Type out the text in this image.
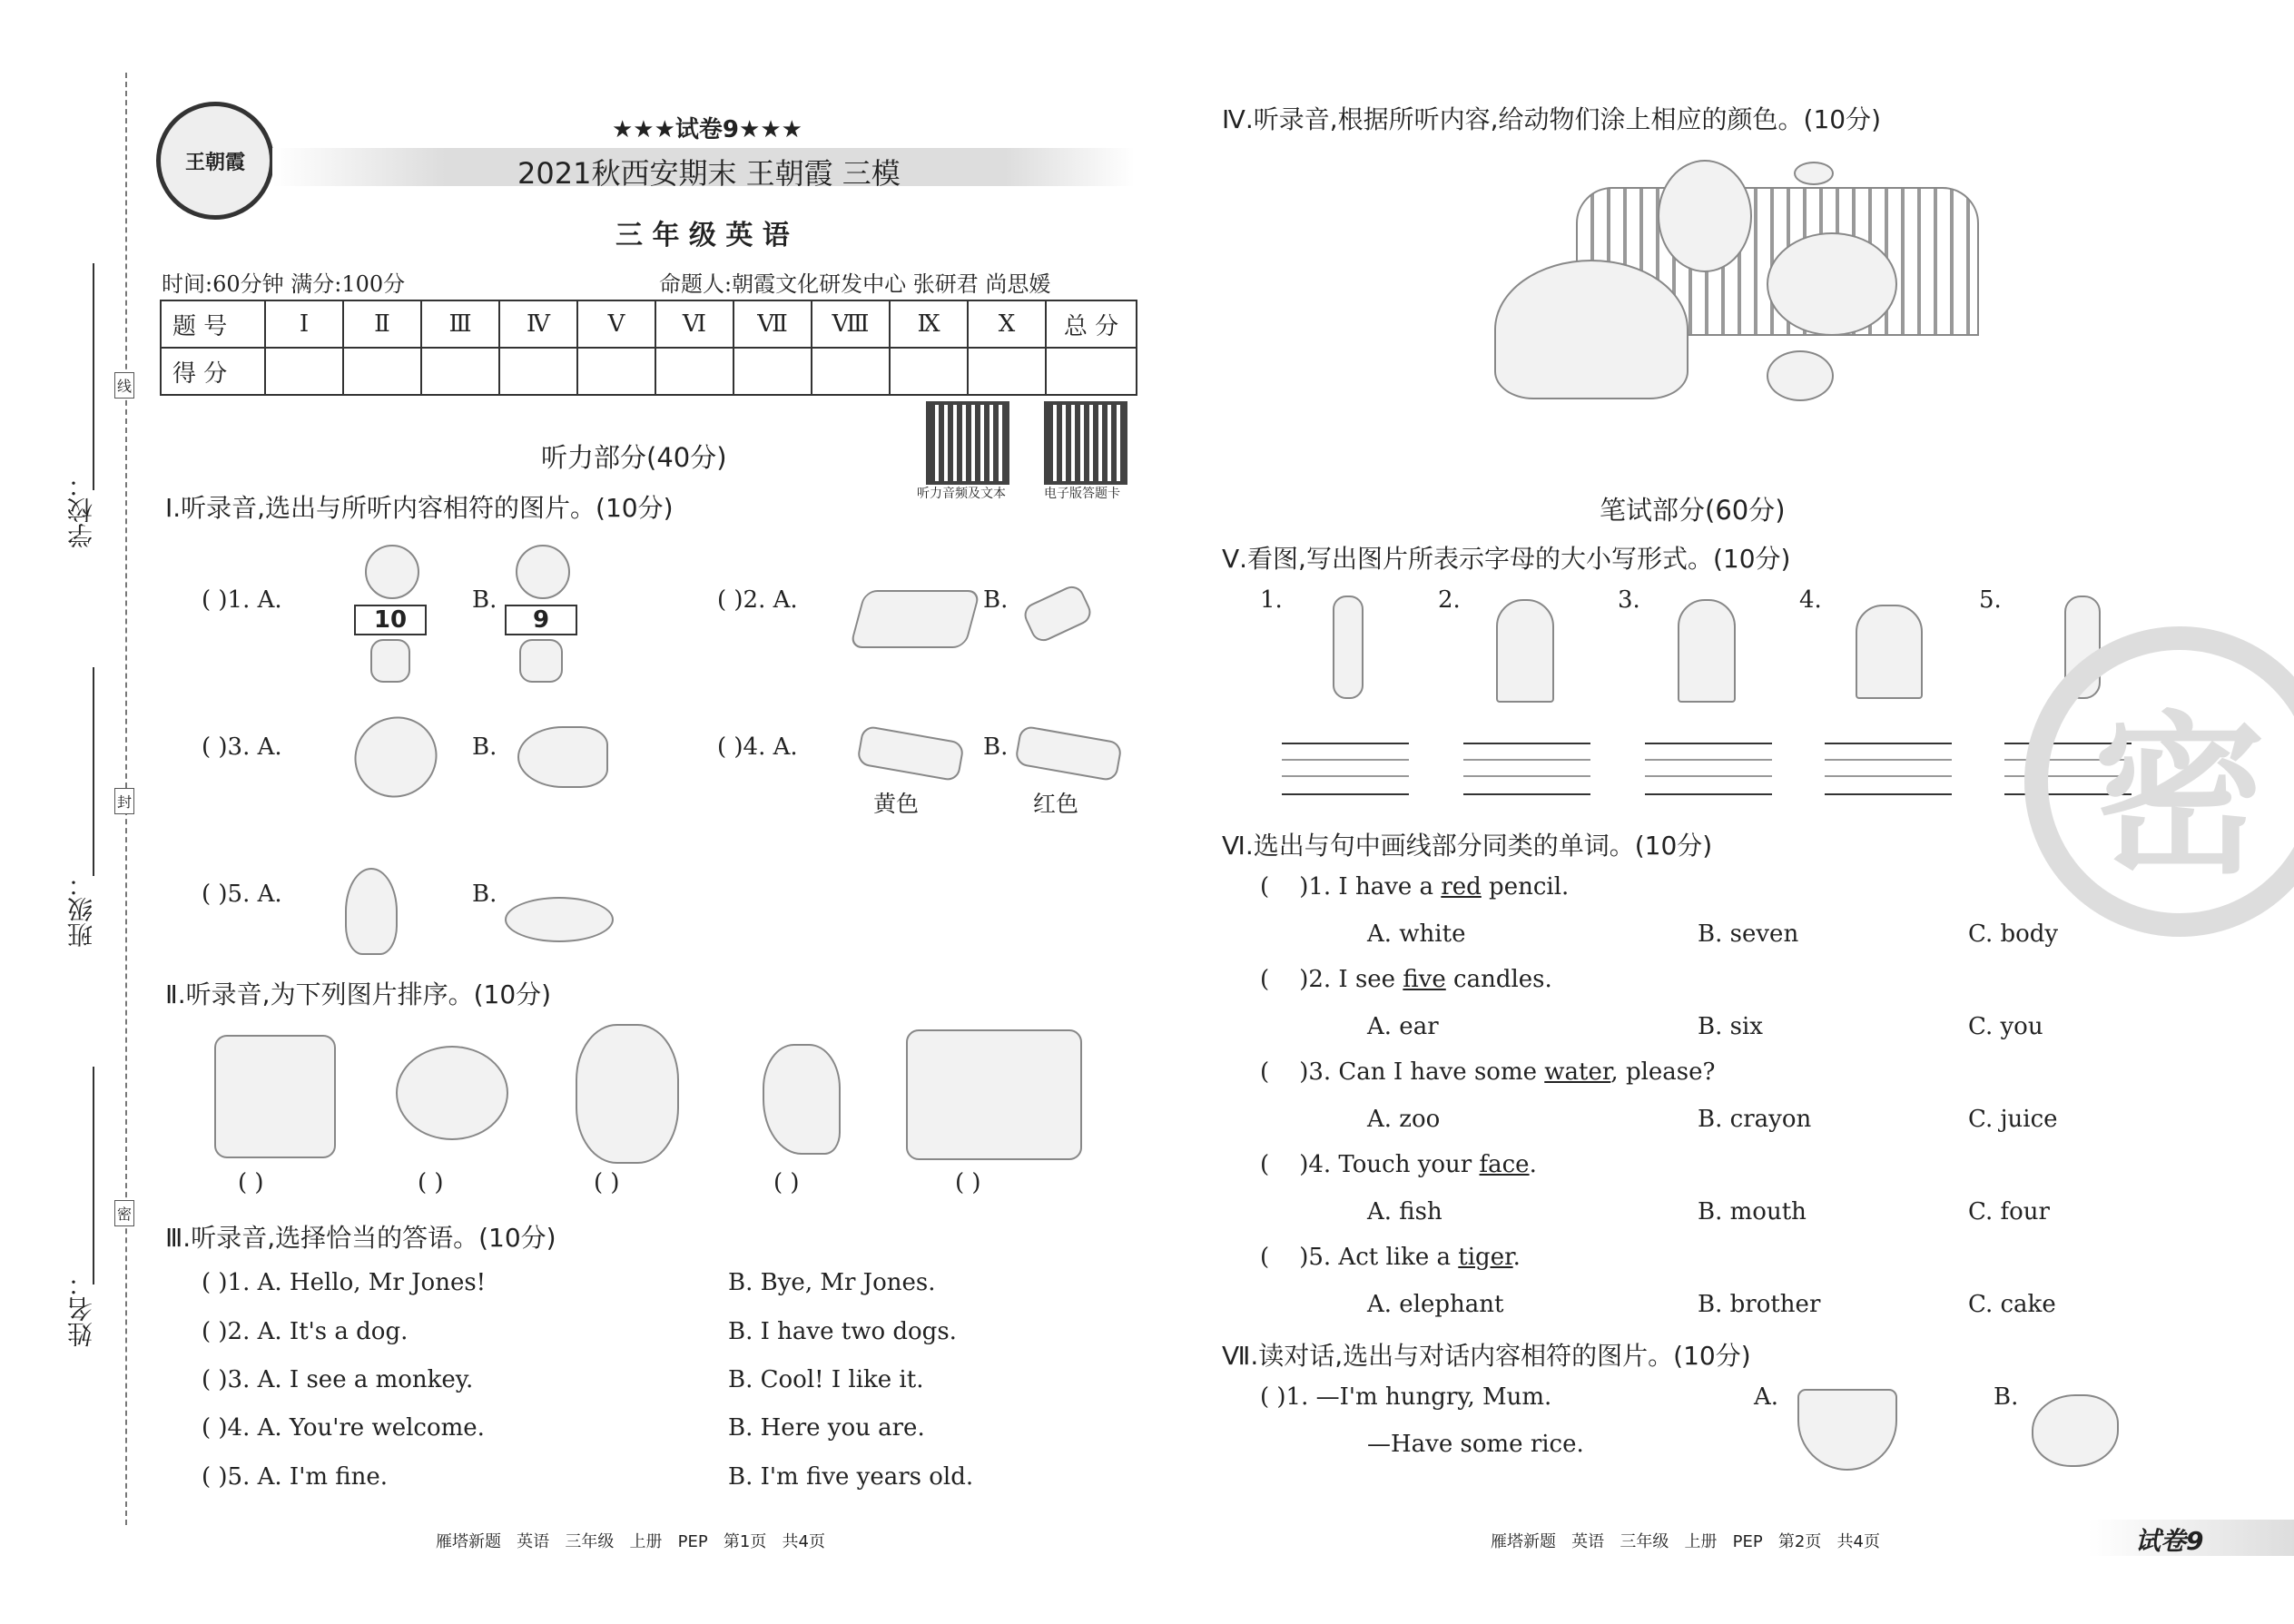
学校：
班级：
姓名：
线
封
密
王朝霞
★★★试卷9★★★
2021秋西安期末 王朝霞 三模
三 年 级 英 语
时间:60分钟 满分:100分	命题人:朝霞文化研发中心 张研君 尚思媛
题 号	Ⅰ	Ⅱ	Ⅲ	Ⅳ	Ⅴ	Ⅵ	Ⅶ	Ⅷ	Ⅸ	Ⅹ	总 分
得 分											
听力音频及文本	电子版答题卡
听力部分(40分)
Ⅰ.听录音,选出与所听内容相符的图片。(10分)
( )1. A.
10
B.
9
( )2. A.	B.
( )3. A.	B.	( )4. A.
黄色
B.
红色
( )5. A.	B.
Ⅱ.听录音,为下列图片排序。(10分)
( )	( )	( )	( )	( )
Ⅲ.听录音,选择恰当的答语。(10分)
( )1. A. Hello, Mr Jones!	B. Bye, Mr Jones.
( )2. A. It's a dog.	B. I have two dogs.
( )3. A. I see a monkey.	B. Cool! I like it.
( )4. A. You're welcome.	B. Here you are.
( )5. A. I'm fine.	B. I'm five years old.
雁塔新题   英语   三年级   上册   PEP   第1页   共4页
Ⅳ.听录音,根据所听内容,给动物们涂上相应的颜色。(10分)
笔试部分(60分)
Ⅴ.看图,写出图片所表示字母的大小写形式。(10分)
1.	2.	3.	4.	5.
Ⅵ.选出与句中画线部分同类的单词。(10分)
(    )1. I have a red pencil.
A. white	B. seven	C. body
(    )2. I see five candles.
A. ear	B. six	C. you
(    )3. Can I have some water, please?
A. zoo	B. crayon	C. juice
(    )4. Touch your face.
A. fish	B. mouth	C. four
(    )5. Act like a tiger.
A. elephant	B. brother	C. cake
Ⅶ.读对话,选出与对话内容相符的图片。(10分)
( )1. —I'm hungry, Mum.
—Have some rice.
A.	B.
雁塔新题   英语   三年级   上册   PEP   第2页   共4页	试卷9
密
